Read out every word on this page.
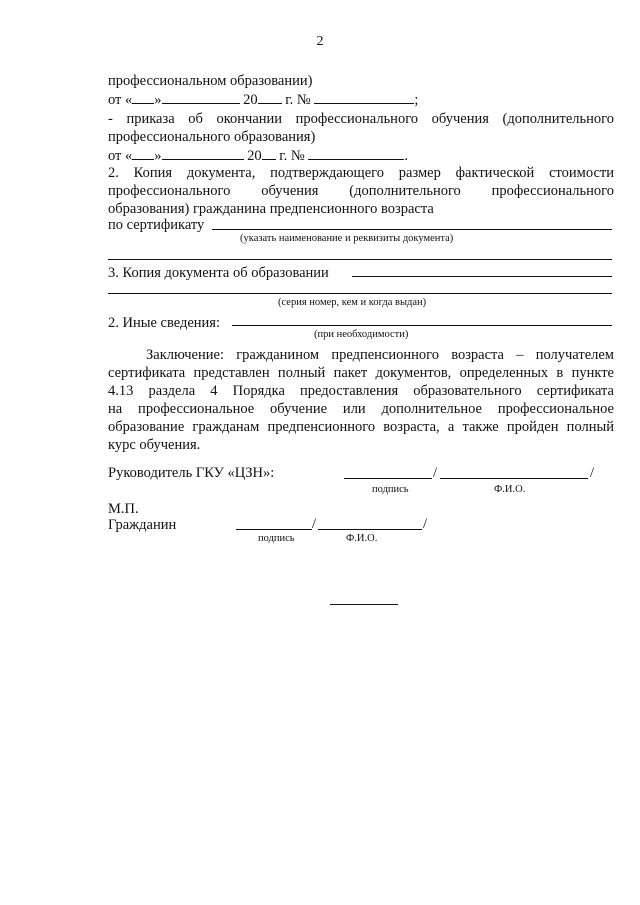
2
профессиональном образовании)
от « »	20 г. №	;
- приказа об окончании профессионального обучения (дополнительного
профессионального образования)
от « »	20 г. №	.
2. Копия документа, подтверждающего размер фактической стоимости
профессионального обучения (дополнительного профессионального
образования) гражданина предпенсионного возраста
по сертификату
(указать наименование и реквизиты документа)
3. Копия документа об образовании
(серия номер, кем и когда выдан)
2. Иные сведения:
(при необходимости)
Заключение: гражданином предпенсионного возраста – получателем
сертификата представлен полный пакет документов, определенных в пункте
4.13 раздела 4 Порядка предоставления образовательного сертификата
на профессиональное обучение или дополнительное профессиональное
образование гражданам предпенсионного возраста, а также пройден полный
курс обучения.
Руководитель ГКУ «ЦЗН»:	/	/
подпись	Ф.И.О.
М.П.
Гражданин	/	/
подпись	Ф.И.О.
